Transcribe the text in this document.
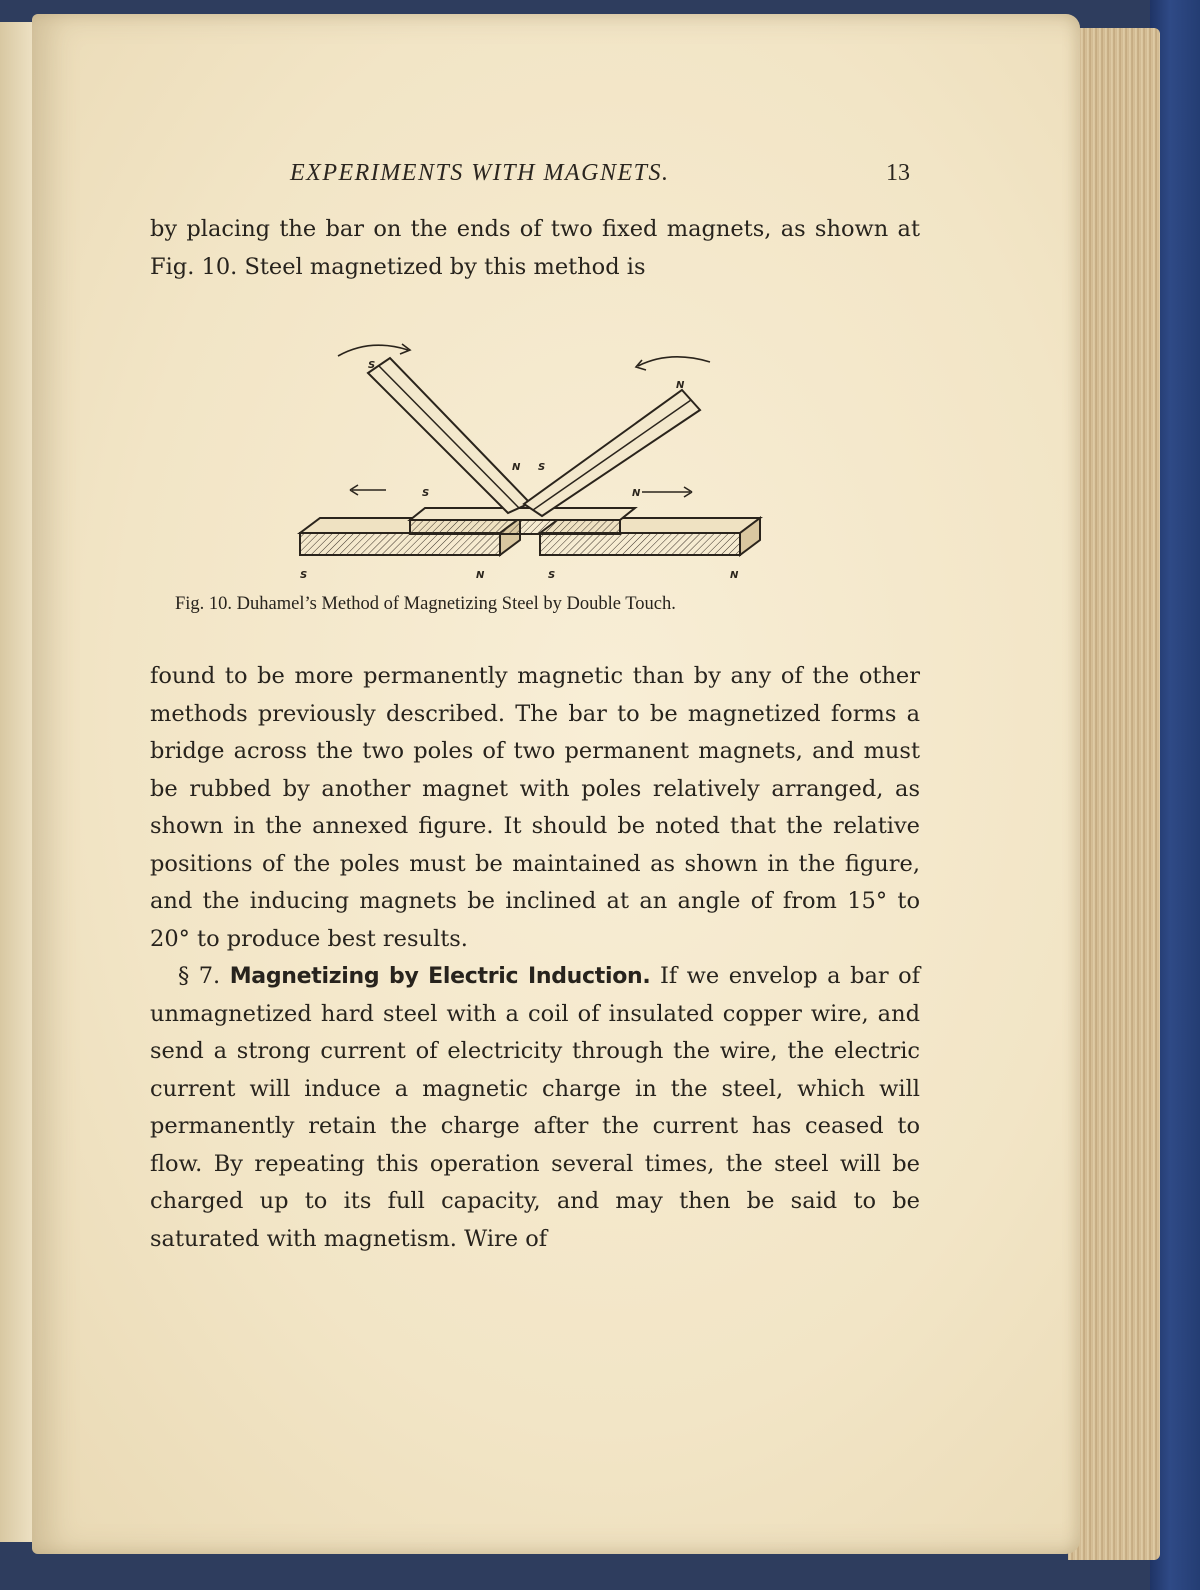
EXPERIMENTS WITH MAGNETS.	13

by placing the bar on the ends of two fixed magnets, as shown at Fig. 10. Steel magnetized by this method is

S
N
N S
S	N
S	N	S	N
Fig. 10. Duhamel’s Method of Magnetizing Steel by Double Touch.

found to be more permanently magnetic than by any of the other methods previously described. The bar to be magnetized forms a bridge across the two poles of two permanent magnets, and must be rubbed by another magnet with poles relatively arranged, as shown in the annexed figure. It should be noted that the relative positions of the poles must be maintained as shown in the figure, and the inducing magnets be inclined at an angle of from 15° to 20° to produce best results.

§ 7. Magnetizing by Electric Induction. If we envelop a bar of unmagnetized hard steel with a coil of insulated copper wire, and send a strong current of electricity through the wire, the electric current will induce a magnetic charge in the steel, which will permanently retain the charge after the current has ceased to flow. By repeating this operation several times, the steel will be charged up to its full capacity, and may then be said to be saturated with magnetism. Wire of
